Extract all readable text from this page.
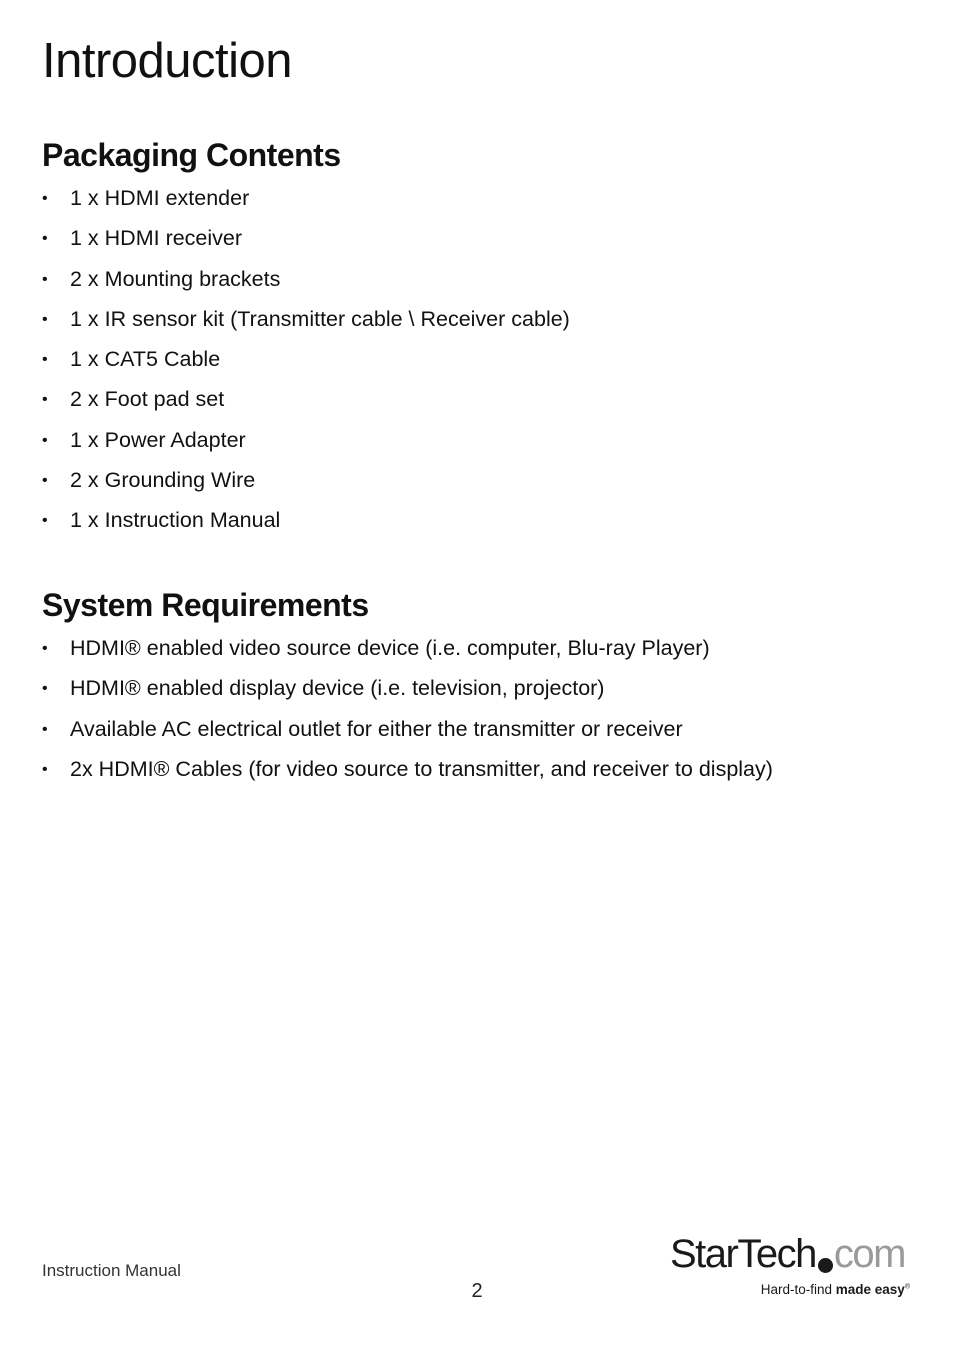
Introduction
Packaging Contents
• 1 x HDMI extender
• 1 x HDMI receiver
• 2 x Mounting brackets
• 1 x IR sensor kit (Transmitter cable \ Receiver cable)
• 1 x CAT5 Cable
• 2 x Foot pad set
• 1 x Power Adapter
• 2 x Grounding Wire
• 1 x Instruction Manual
System Requirements
• HDMI® enabled video source device (i.e. computer, Blu-ray Player)
• HDMI® enabled display device (i.e. television, projector)
• Available AC electrical outlet for either the transmitter or receiver
• 2x HDMI® Cables (for video source to transmitter, and receiver to display)
Instruction Manual
2
StarTech com
Hard-to-find made easy®
